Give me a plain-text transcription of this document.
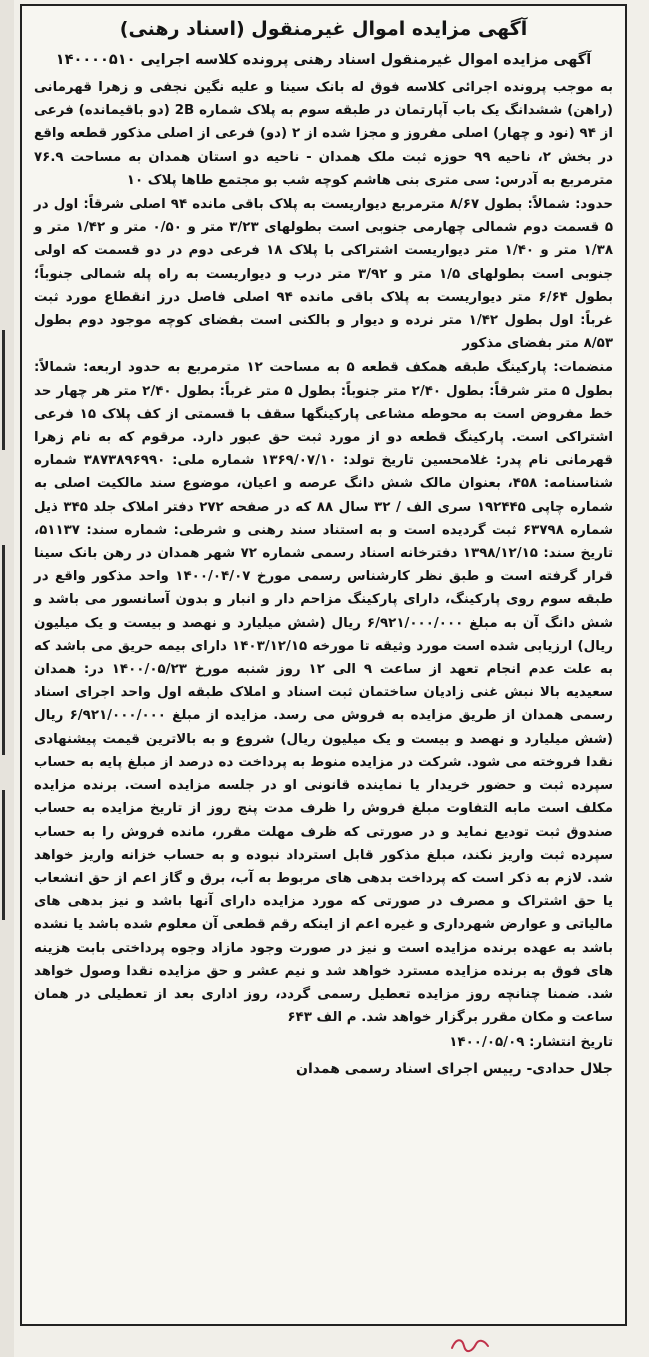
آگهی مزایده اموال غیرمنقول (اسناد رهنی)
آگهی مزایده اموال غیرمنقول اسناد رهنی پرونده کلاسه اجرایی ۱۴۰۰۰۰۵۱۰
به موجب پرونده اجرائی کلاسه فوق له بانک سینا و علیه نگین نجفی و زهرا قهرمانی (راهن) ششدانگ یک باب آپارتمان در طبقه سوم به پلاک شماره 2B (دو باقیمانده) فرعی از ۹۴ (نود و چهار) اصلی مفروز و مجزا شده از ۲ (دو) فرعی از اصلی مذکور قطعه واقع در بخش ۲، ناحیه ۹۹ حوزه ثبت ملک همدان - ناحیه دو استان همدان به مساحت ۷۶.۹ مترمربع به آدرس: سی متری بنی هاشم کوچه شب بو مجتمع طاها پلاک ۱۰
حدود: شمالاً: بطول ۸/۶۷ مترمربع دیواریست به پلاک باقی مانده ۹۴ اصلی شرقاً: اول در ۵ قسمت دوم شمالی چهارمی جنوبی است بطولهای ۳/۲۳ متر و ۰/۵۰ متر و ۱/۴۲ متر و ۱/۳۸ متر و ۱/۴۰ متر دیواریست اشتراکی با پلاک ۱۸ فرعی دوم در دو قسمت که اولی جنوبی است بطولهای ۱/۵ متر و ۳/۹۲ متر درب و دیواریست به راه پله شمالی جنوباً؛ بطول ۶/۶۴ متر دیواریست به پلاک باقی مانده ۹۴ اصلی فاصل درز انقطاع مورد ثبت غرباً: اول بطول ۱/۴۲ متر نرده و دیوار و بالکنی است بفضای کوچه موجود دوم بطول ۸/۵۳ متر بفضای مذکور
منضمات: پارکینگ طبقه همکف قطعه ۵ به مساحت ۱۲ مترمربع به حدود اربعه: شمالاً: بطول ۵ متر شرقاً: بطول ۲/۴۰ متر جنوباً: بطول ۵ متر غرباً: بطول ۲/۴۰ متر هر چهار حد خط مفروض است به محوطه مشاعی پارکینگها سقف با قسمتی از کف پلاک ۱۵ فرعی اشتراکی است. پارکینگ قطعه دو از مورد ثبت حق عبور دارد. مرقوم که به نام زهرا قهرمانی نام پدر: غلامحسین تاریخ تولد: ۱۳۶۹/۰۷/۱۰ شماره ملی: ۳۸۷۳۸۹۶۹۹۰ شماره شناسنامه: ۴۵۸، بعنوان مالک شش دانگ عرصه و اعیان، موضوع سند مالکیت اصلی به شماره چاپی ۱۹۲۴۴۵ سری الف / ۳۲ سال ۸۸ که در صفحه ۲۷۲ دفتر املاک جلد ۳۴۵ ذیل شماره ۶۳۷۹۸ ثبت گردیده است و به استناد سند رهنی و شرطی: شماره سند: ۵۱۱۳۷، تاریخ سند: ۱۳۹۸/۱۲/۱۵ دفترخانه اسناد رسمی شماره ۷۲ شهر همدان در رهن بانک سینا قرار گرفته است و طبق نظر کارشناس رسمی مورخ ۱۴۰۰/۰۴/۰۷ واحد مذکور واقع در طبقه سوم روی پارکینگ، دارای پارکینگ مزاحم دار و انبار و بدون آسانسور می باشد و شش دانگ آن به مبلغ ۶/۹۲۱/۰۰۰/۰۰۰ ریال (شش میلیارد و نهصد و بیست و یک میلیون ریال) ارزیابی شده است مورد وثیقه تا مورخه ۱۴۰۳/۱۲/۱۵ دارای بیمه حریق می باشد که به علت عدم انجام تعهد از ساعت ۹ الی ۱۲ روز شنبه مورخ ۱۴۰۰/۰۵/۲۳ در: همدان سعیدیه بالا نبش غنی زادیان ساختمان ثبت اسناد و املاک طبقه اول واحد اجرای اسناد رسمی همدان از طریق مزایده به فروش می رسد. مزایده از مبلغ ۶/۹۲۱/۰۰۰/۰۰۰ ریال (شش میلیارد و نهصد و بیست و یک میلیون ریال) شروع و به بالاترین قیمت پیشنهادی نقدا فروخته می شود. شرکت در مزایده منوط به پرداخت ده درصد از مبلغ پایه به حساب سپرده ثبت و حضور خریدار یا نماینده قانونی او در جلسه مزایده است. برنده مزایده مکلف است مابه التفاوت مبلغ فروش را ظرف مدت پنج روز از تاریخ مزایده به حساب صندوق ثبت تودیع نماید و در صورتی که ظرف مهلت مقرر، مانده فروش را به حساب سپرده ثبت واریز نکند، مبلغ مذکور قابل استرداد نبوده و به حساب خزانه واریز خواهد شد. لازم به ذکر است که پرداخت بدهی های مربوط به آب، برق و گاز اعم از حق انشعاب یا حق اشتراک و مصرف در صورتی که مورد مزایده دارای آنها باشد و نیز بدهی های مالیاتی و عوارض شهرداری و غیره اعم از اینکه رقم قطعی آن معلوم شده باشد یا نشده باشد به عهده برنده مزایده است و نیز در صورت وجود مازاد وجوه پرداختی بابت هزینه های فوق به برنده مزایده مسترد خواهد شد و نیم عشر و حق مزایده نقدا وصول خواهد شد. ضمنا چنانچه روز مزایده تعطیل رسمی گردد، روز اداری بعد از تعطیلی در همان ساعت و مکان مقرر برگزار خواهد شد. م الف ۶۴۳
تاریخ انتشار: ۱۴۰۰/۰۵/۰۹
جلال حدادی- رییس اجرای اسناد رسمی همدان
